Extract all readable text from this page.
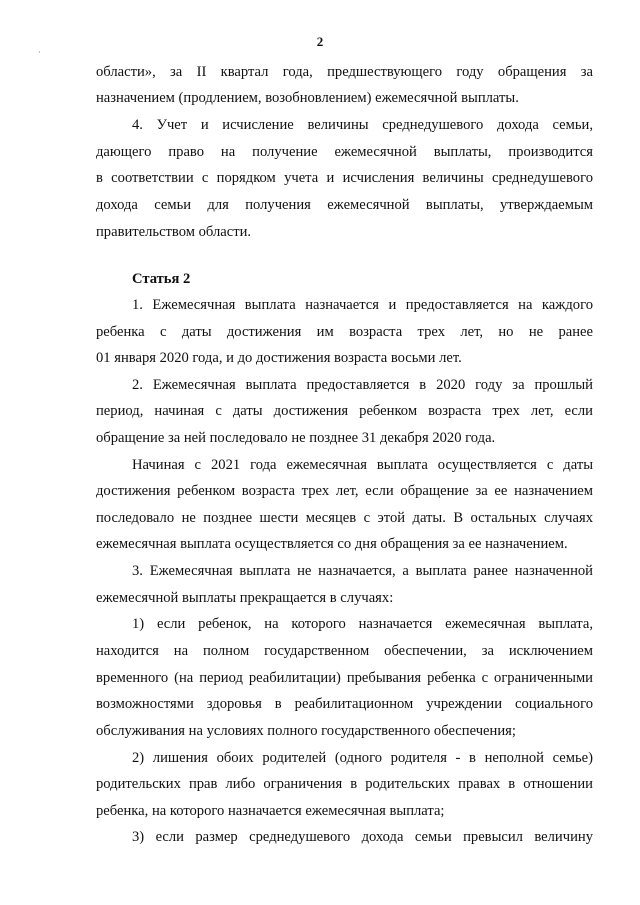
·
2
области», за II квартал года, предшествующего году обращения за
назначением (продлением, возобновлением) ежемесячной выплаты.
4. Учет и исчисление величины среднедушевого дохода семьи,
дающего право на получение ежемесячной выплаты, производится
в соответствии с порядком учета и исчисления величины среднедушевого
дохода семьи для получения ежемесячной выплаты, утверждаемым
правительством области.
Статья 2
1. Ежемесячная выплата назначается и предоставляется на каждого
ребенка с даты достижения им возраста трех лет, но не ранее
01 января 2020 года, и до достижения возраста восьми лет.
2. Ежемесячная выплата предоставляется в 2020 году за прошлый
период, начиная с даты достижения ребенком возраста трех лет, если
обращение за ней последовало не позднее 31 декабря 2020 года.
Начиная с 2021 года ежемесячная выплата осуществляется с даты
достижения ребенком возраста трех лет, если обращение за ее назначением
последовало не позднее шести месяцев с этой даты. В остальных случаях
ежемесячная выплата осуществляется со дня обращения за ее назначением.
3. Ежемесячная выплата не назначается, а выплата ранее назначенной
ежемесячной выплаты прекращается в случаях:
1) если ребенок, на которого назначается ежемесячная выплата,
находится на полном государственном обеспечении, за исключением
временного (на период реабилитации) пребывания ребенка с ограниченными
возможностями здоровья в реабилитационном учреждении социального
обслуживания на условиях полного государственного обеспечения;
2) лишения обоих родителей (одного родителя - в неполной семье)
родительских прав либо ограничения в родительских правах в отношении
ребенка, на которого назначается ежемесячная выплата;
3) если размер среднедушевого дохода семьи превысил величину
